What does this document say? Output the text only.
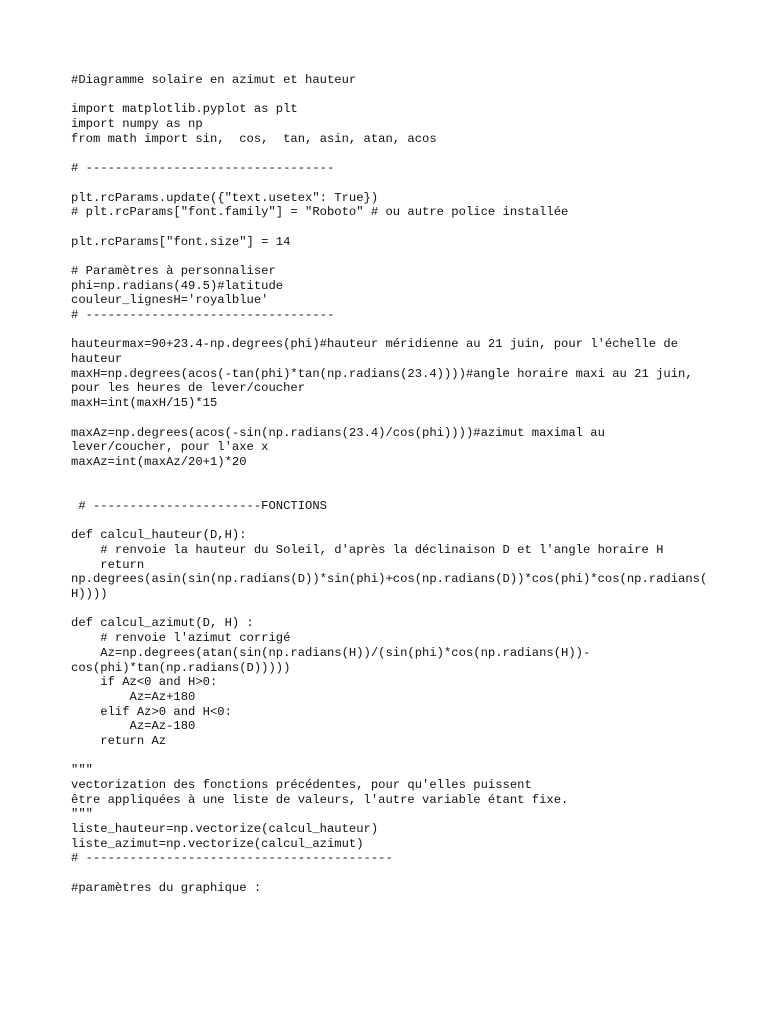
#Diagramme solaire en azimut et hauteur
import matplotlib.pyplot as plt
import numpy as np
from math import sin,  cos,  tan, asin, atan, acos
# ----------------------------------
plt.rcParams.update({"text.usetex": True})
# plt.rcParams["font.family"] = "Roboto" # ou autre police installée
plt.rcParams["font.size"] = 14
# Paramètres à personnaliser
phi=np.radians(49.5)#latitude
couleur_lignesH='royalblue'
# ----------------------------------
hauteurmax=90+23.4-np.degrees(phi)#hauteur méridienne au 21 juin, pour l'échelle de
hauteur
maxH=np.degrees(acos(-tan(phi)*tan(np.radians(23.4))))#angle horaire maxi au 21 juin,
pour les heures de lever/coucher
maxH=int(maxH/15)*15
maxAz=np.degrees(acos(-sin(np.radians(23.4)/cos(phi))))#azimut maximal au
lever/coucher, pour l'axe x
maxAz=int(maxAz/20+1)*20
# -----------------------FONCTIONS
def calcul_hauteur(D,H):
# renvoie la hauteur du Soleil, d'après la déclinaison D et l'angle horaire H
return
np.degrees(asin(sin(np.radians(D))*sin(phi)+cos(np.radians(D))*cos(phi)*cos(np.radians(
H))))
def calcul_azimut(D, H) :
# renvoie l'azimut corrigé
Az=np.degrees(atan(sin(np.radians(H))/(sin(phi)*cos(np.radians(H))-
cos(phi)*tan(np.radians(D)))))
if Az<0 and H>0:
Az=Az+180
elif Az>0 and H<0:
Az=Az-180
return Az
"""
vectorization des fonctions précédentes, pour qu'elles puissent
être appliquées à une liste de valeurs, l'autre variable étant fixe.
"""
liste_hauteur=np.vectorize(calcul_hauteur)
liste_azimut=np.vectorize(calcul_azimut)
# ------------------------------------------
#paramètres du graphique :
